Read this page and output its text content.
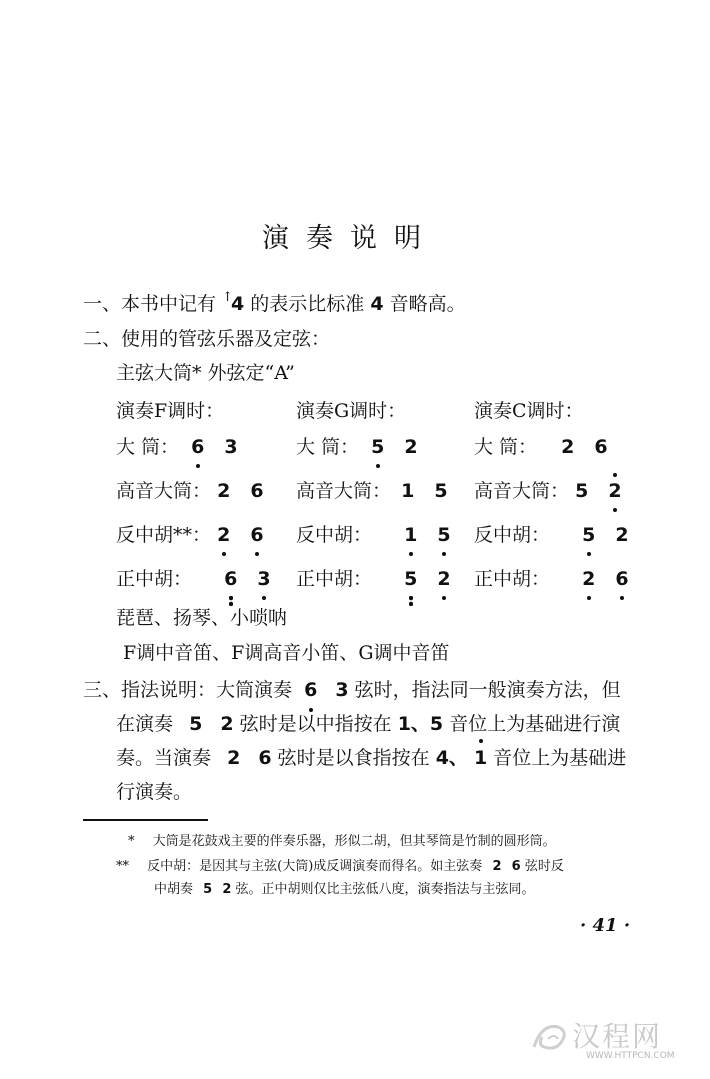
演奏说明
一、本书中记有 ↑4 的表示比标准 4 音略高。
二、使用的管弦乐器及定弦：
主弦大筒* 外弦定“A”
演奏F调时：	演奏G调时：	演奏C调时：
大 筒： 6 3
高音大筒： 2 6
反中胡**： 2 6
正中胡： 6 3
大 筒： 5 2
高音大筒： 1 5
反中胡： 1 5
正中胡： 5 2
大 筒： 2 6
高音大筒： 5 2
反中胡： 5 2
正中胡： 2 6
琵琶、扬琴、小唢呐
F调中音笛、F调高音小笛、G调中音笛
三、指法说明：大筒演奏 6 3 弦时，指法同一般演奏方法，但
在演奏 5 2 弦时是以中指按在 1、5 音位上为基础进行演
奏。当演奏 2 6 弦时是以食指按在 4、 1 音位上为基础进
行演奏。
* 大筒是花鼓戏主要的伴奏乐器，形似二胡，但其琴筒是竹制的圆形筒。
** 反中胡：是因其与主弦(大筒)成反调演奏而得名。如主弦奏 2 6 弦时反
中胡奏 5 2 弦。正中胡则仅比主弦低八度，演奏指法与主弦同。
· 41 ·
汉程网
WWW.HTTPCN.COM
